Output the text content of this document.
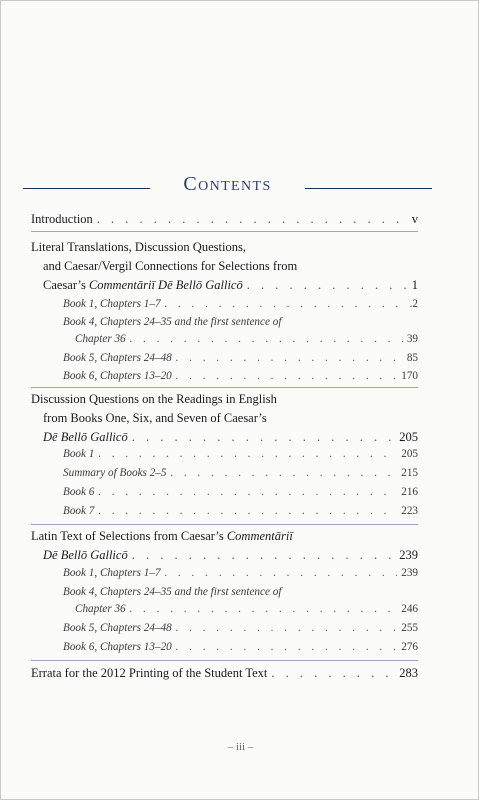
Contents
Introduction . . .	v
Literal Translations, Discussion Questions,
and Caesar/Vergil Connections for Selections from
Caesar’s Commentāriī Dē Bellō Gallicō . . .	1
Book 1, Chapters 1–7 . . .	.2
Book 4, Chapters 24–35 and the first sentence of
Chapter 36 . . .	39
Book 5, Chapters 24–48 . . .	85
Book 6, Chapters 13–20 . . .	170
Discussion Questions on the Readings in English
from Books One, Six, and Seven of Caesar’s
Dē Bellō Gallicō . . .	205
Book 1 . . .	205
Summary of Books 2–5 . . .	215
Book 6 . . .	216
Book 7 . . .	223
Latin Text of Selections from Caesar’s Commentāriī
Dē Bellō Gallicō . . .	239
Book 1, Chapters 1–7 . . .	239
Book 4, Chapters 24–35 and the first sentence of
Chapter 36 . . .	246
Book 5, Chapters 24–48 . . .	255
Book 6, Chapters 13–20 . . .	276
Errata for the 2012 Printing of the Student Text . . .	283
– iii –
